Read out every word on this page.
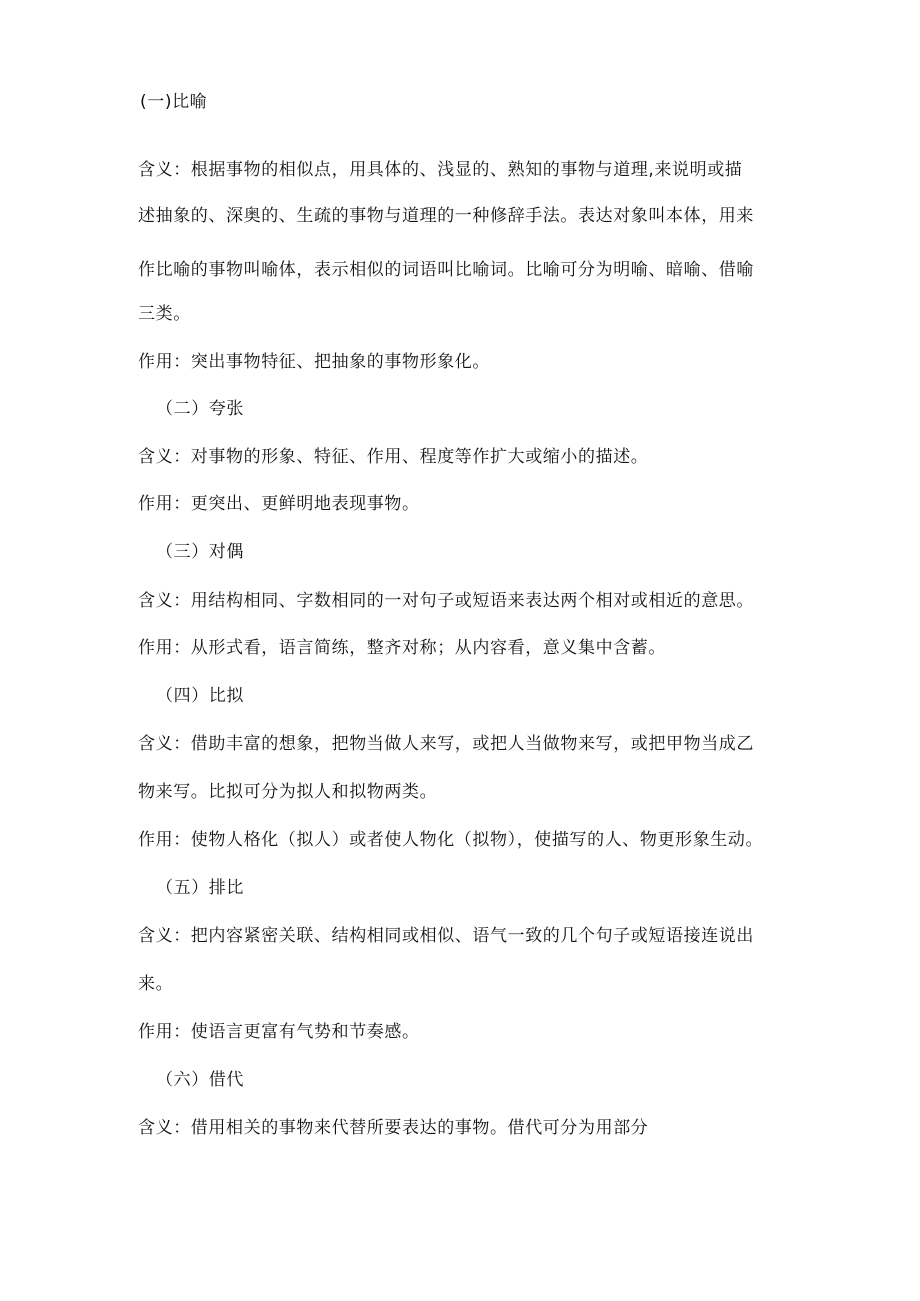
(一)比喻
含义：根据事物的相似点，用具体的、浅显的、熟知的事物与道理,来说明或描
述抽象的、深奥的、生疏的事物与道理的一种修辞手法。表达对象叫本体，用来
作比喻的事物叫喻体，表示相似的词语叫比喻词。比喻可分为明喻、暗喻、借喻
三类。
作用：突出事物特征、把抽象的事物形象化。
（二）夸张
含义：对事物的形象、特征、作用、程度等作扩大或缩小的描述。
作用：更突出、更鲜明地表现事物。
（三）对偶
含义：用结构相同、字数相同的一对句子或短语来表达两个相对或相近的意思。
作用：从形式看，语言简练，整齐对称；从内容看，意义集中含蓄。
（四）比拟
含义：借助丰富的想象，把物当做人来写，或把人当做物来写，或把甲物当成乙
物来写。比拟可分为拟人和拟物两类。
作用：使物人格化（拟人）或者使人物化（拟物），使描写的人、物更形象生动。
（五）排比
含义：把内容紧密关联、结构相同或相似、语气一致的几个句子或短语接连说出
来。
作用：使语言更富有气势和节奏感。
（六）借代
含义：借用相关的事物来代替所要表达的事物。借代可分为用部分
